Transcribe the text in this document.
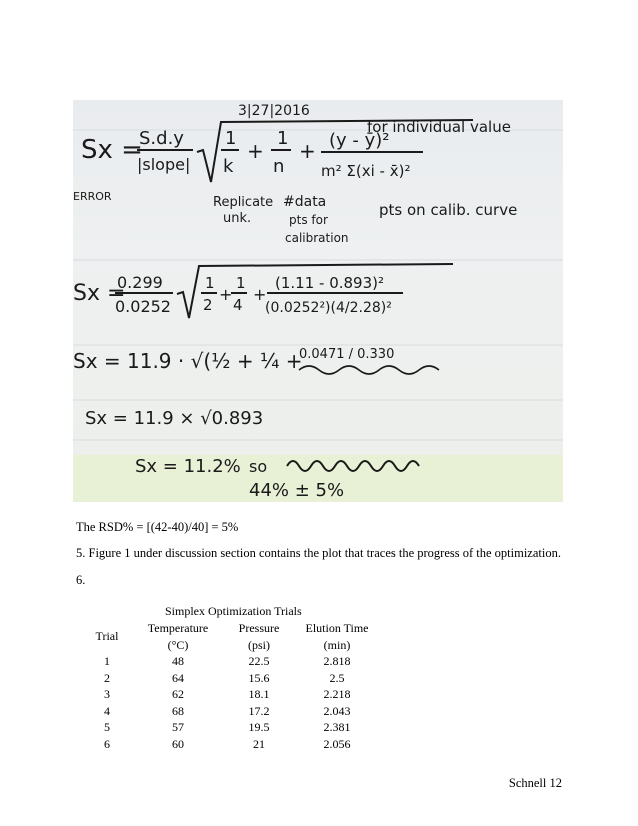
3|27|2016
Sx =
S.d.y
|slope|
1
k
+
1
n
+ (y - ȳ)²
m² Σ(xi - x̄)²
for individual value
ERROR	Replicate
unk.
#data
pts for
calibration
pts on calib. curve
Sx =
0.299
0.0252
1
2
+
1
4
+
(1.11 - 0.893)²
(0.0252²)(4/2.28)²
Sx = 11.9 · √(½ + ¼ +
0.0471 / 0.330
Sx = 11.9 × √0.893
Sx = 11.2% so
44% ± 5%
The RSD% = [(42-40)/40] = 5%
5. Figure 1 under discussion section contains the plot that traces the progress of the optimization.
6.
Simplex Optimization Trials
Trial	Temperature	Pressure	Elution Time
	(°C)	(psi)	(min)
1	48	22.5	2.818
2	64	15.6	2.5
3	62	18.1	2.218
4	68	17.2	2.043
5	57	19.5	2.381
6	60	21	2.056
Schnell 12
